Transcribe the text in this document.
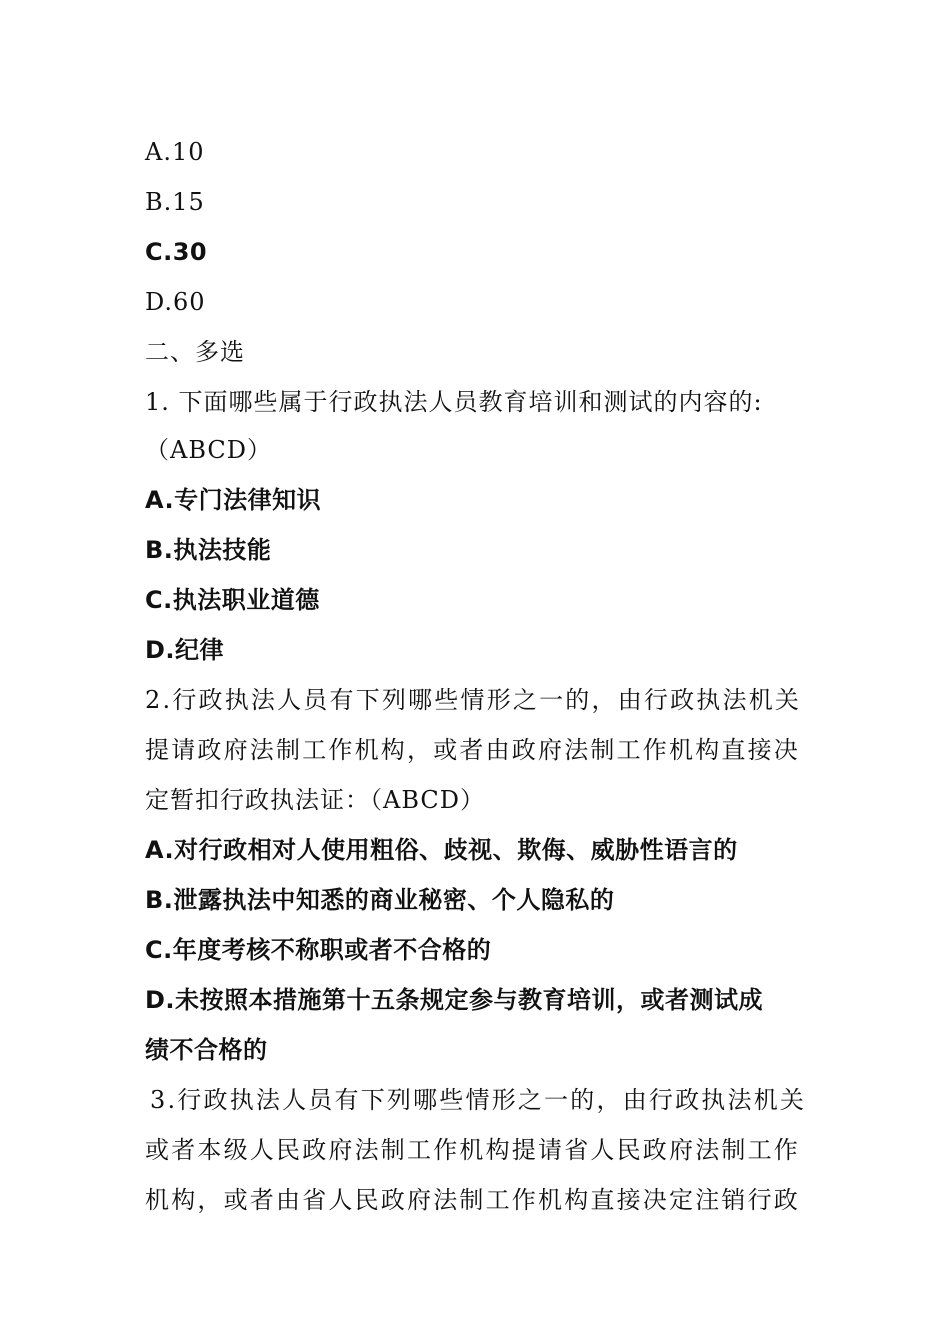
A.10
B.15
C.30
D.60
二、多选
1. 下面哪些属于行政执法人员教育培训和测试的内容的:
（ABCD）
A.专门法律知识
B.执法技能
C.执法职业道德
D.纪律
2.行政执法人员有下列哪些情形之一的，由行政执法机关
提请政府法制工作机构，或者由政府法制工作机构直接决
定暂扣行政执法证：（ABCD）
A.对行政相对人使用粗俗、歧视、欺侮、威胁性语言的
B.泄露执法中知悉的商业秘密、个人隐私的
C.年度考核不称职或者不合格的
D.未按照本措施第十五条规定参与教育培训，或者测试成
绩不合格的
3.行政执法人员有下列哪些情形之一的，由行政执法机关
或者本级人民政府法制工作机构提请省人民政府法制工作
机构，或者由省人民政府法制工作机构直接决定注销行政
